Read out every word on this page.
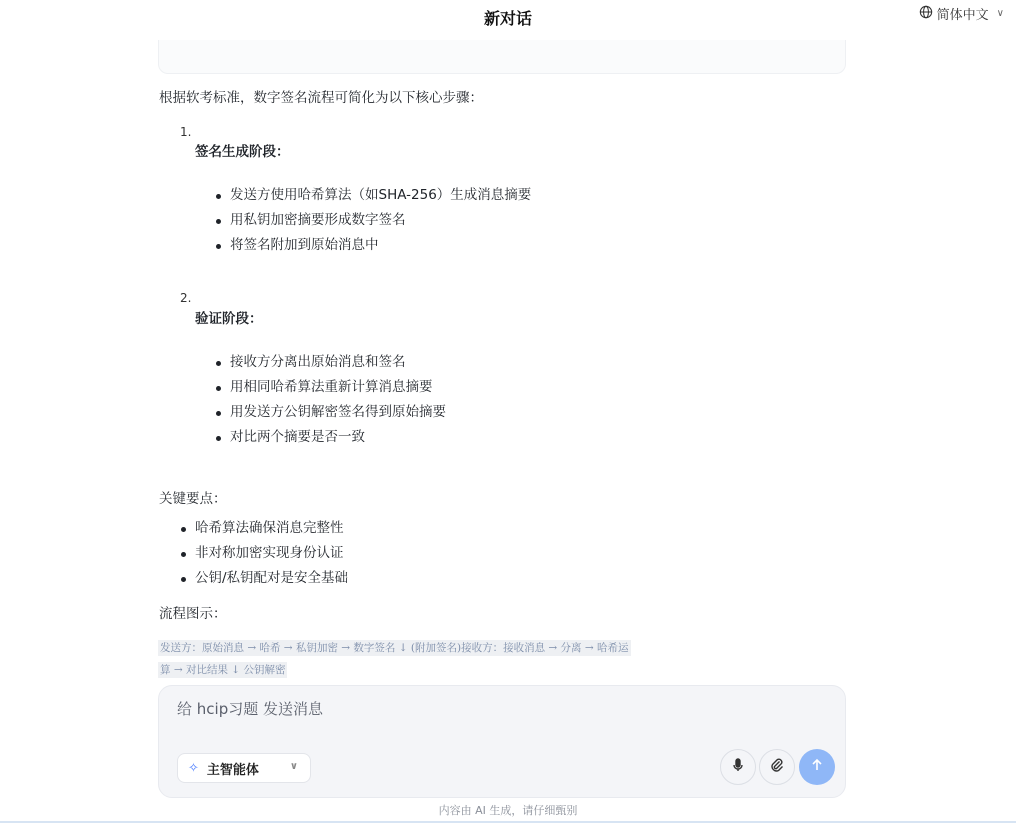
新对话	简体中文 ∨
根据软考标准，数字签名流程可简化为以下核心步骤：
1.
签名生成阶段：
发送方使用哈希算法（如SHA-256）生成消息摘要
用私钥加密摘要形成数字签名
将签名附加到原始消息中
2.
验证阶段：
接收方分离出原始消息和签名
用相同哈希算法重新计算消息摘要
用发送方公钥解密签名得到原始摘要
对比两个摘要是否一致
关键要点：
哈希算法确保消息完整性
非对称加密实现身份认证
公钥/私钥配对是安全基础
流程图示：
发送方：原始消息 → 哈希 → 私钥加密 → 数字签名 ↓ (附加签名)接收方：接收消息 → 分离 → 哈希运
算 → 对比结果 ↓ 公钥解密
给 hcip习题 发送消息
✧ 主智能体	∨
内容由 AI 生成，请仔细甄别
